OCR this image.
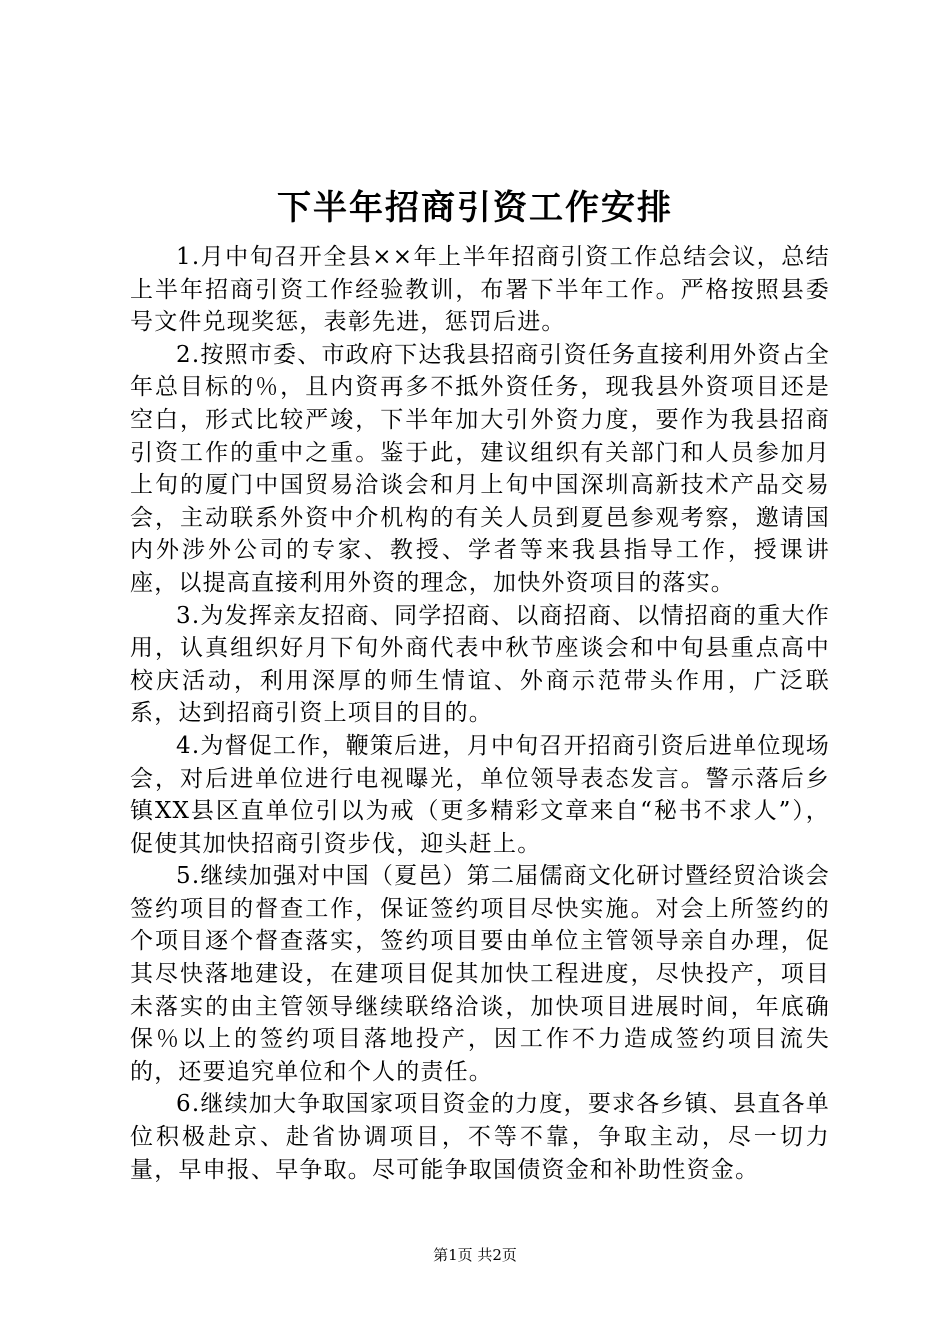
下半年招商引资工作安排

1.月中旬召开全县××年上半年招商引资工作总结会议，总结上半年招商引资工作经验教训，布署下半年工作。严格按照县委号文件兑现奖惩，表彰先进，惩罚后进。

2.按照市委、市政府下达我县招商引资任务直接利用外资占全年总目标的％，且内资再多不抵外资任务，现我县外资项目还是空白，形式比较严竣，下半年加大引外资力度，要作为我县招商引资工作的重中之重。鉴于此，建议组织有关部门和人员参加月上旬的厦门中国贸易洽谈会和月上旬中国深圳高新技术产品交易会，主动联系外资中介机构的有关人员到夏邑参观考察，邀请国内外涉外公司的专家、教授、学者等来我县指导工作，授课讲座，以提高直接利用外资的理念，加快外资项目的落实。

3.为发挥亲友招商、同学招商、以商招商、以情招商的重大作用，认真组织好月下旬外商代表中秋节座谈会和中旬县重点高中校庆活动，利用深厚的师生情谊、外商示范带头作用，广泛联系，达到招商引资上项目的目的。

4.为督促工作，鞭策后进，月中旬召开招商引资后进单位现场会，对后进单位进行电视曝光，单位领导表态发言。警示落后乡镇XX县区直单位引以为戒（更多精彩文章来自“秘书不求人”），促使其加快招商引资步伐，迎头赶上。

5.继续加强对中国（夏邑）第二届儒商文化研讨暨经贸洽谈会签约项目的督查工作，保证签约项目尽快实施。对会上所签约的个项目逐个督查落实，签约项目要由单位主管领导亲自办理，促其尽快落地建设，在建项目促其加快工程进度，尽快投产，项目未落实的由主管领导继续联络洽谈，加快项目进展时间，年底确保％以上的签约项目落地投产，因工作不力造成签约项目流失的，还要追究单位和个人的责任。

6.继续加大争取国家项目资金的力度，要求各乡镇、县直各单位积极赴京、赴省协调项目，不等不靠，争取主动，尽一切力量，早申报、早争取。尽可能争取国债资金和补助性资金。

第1页 共2页
